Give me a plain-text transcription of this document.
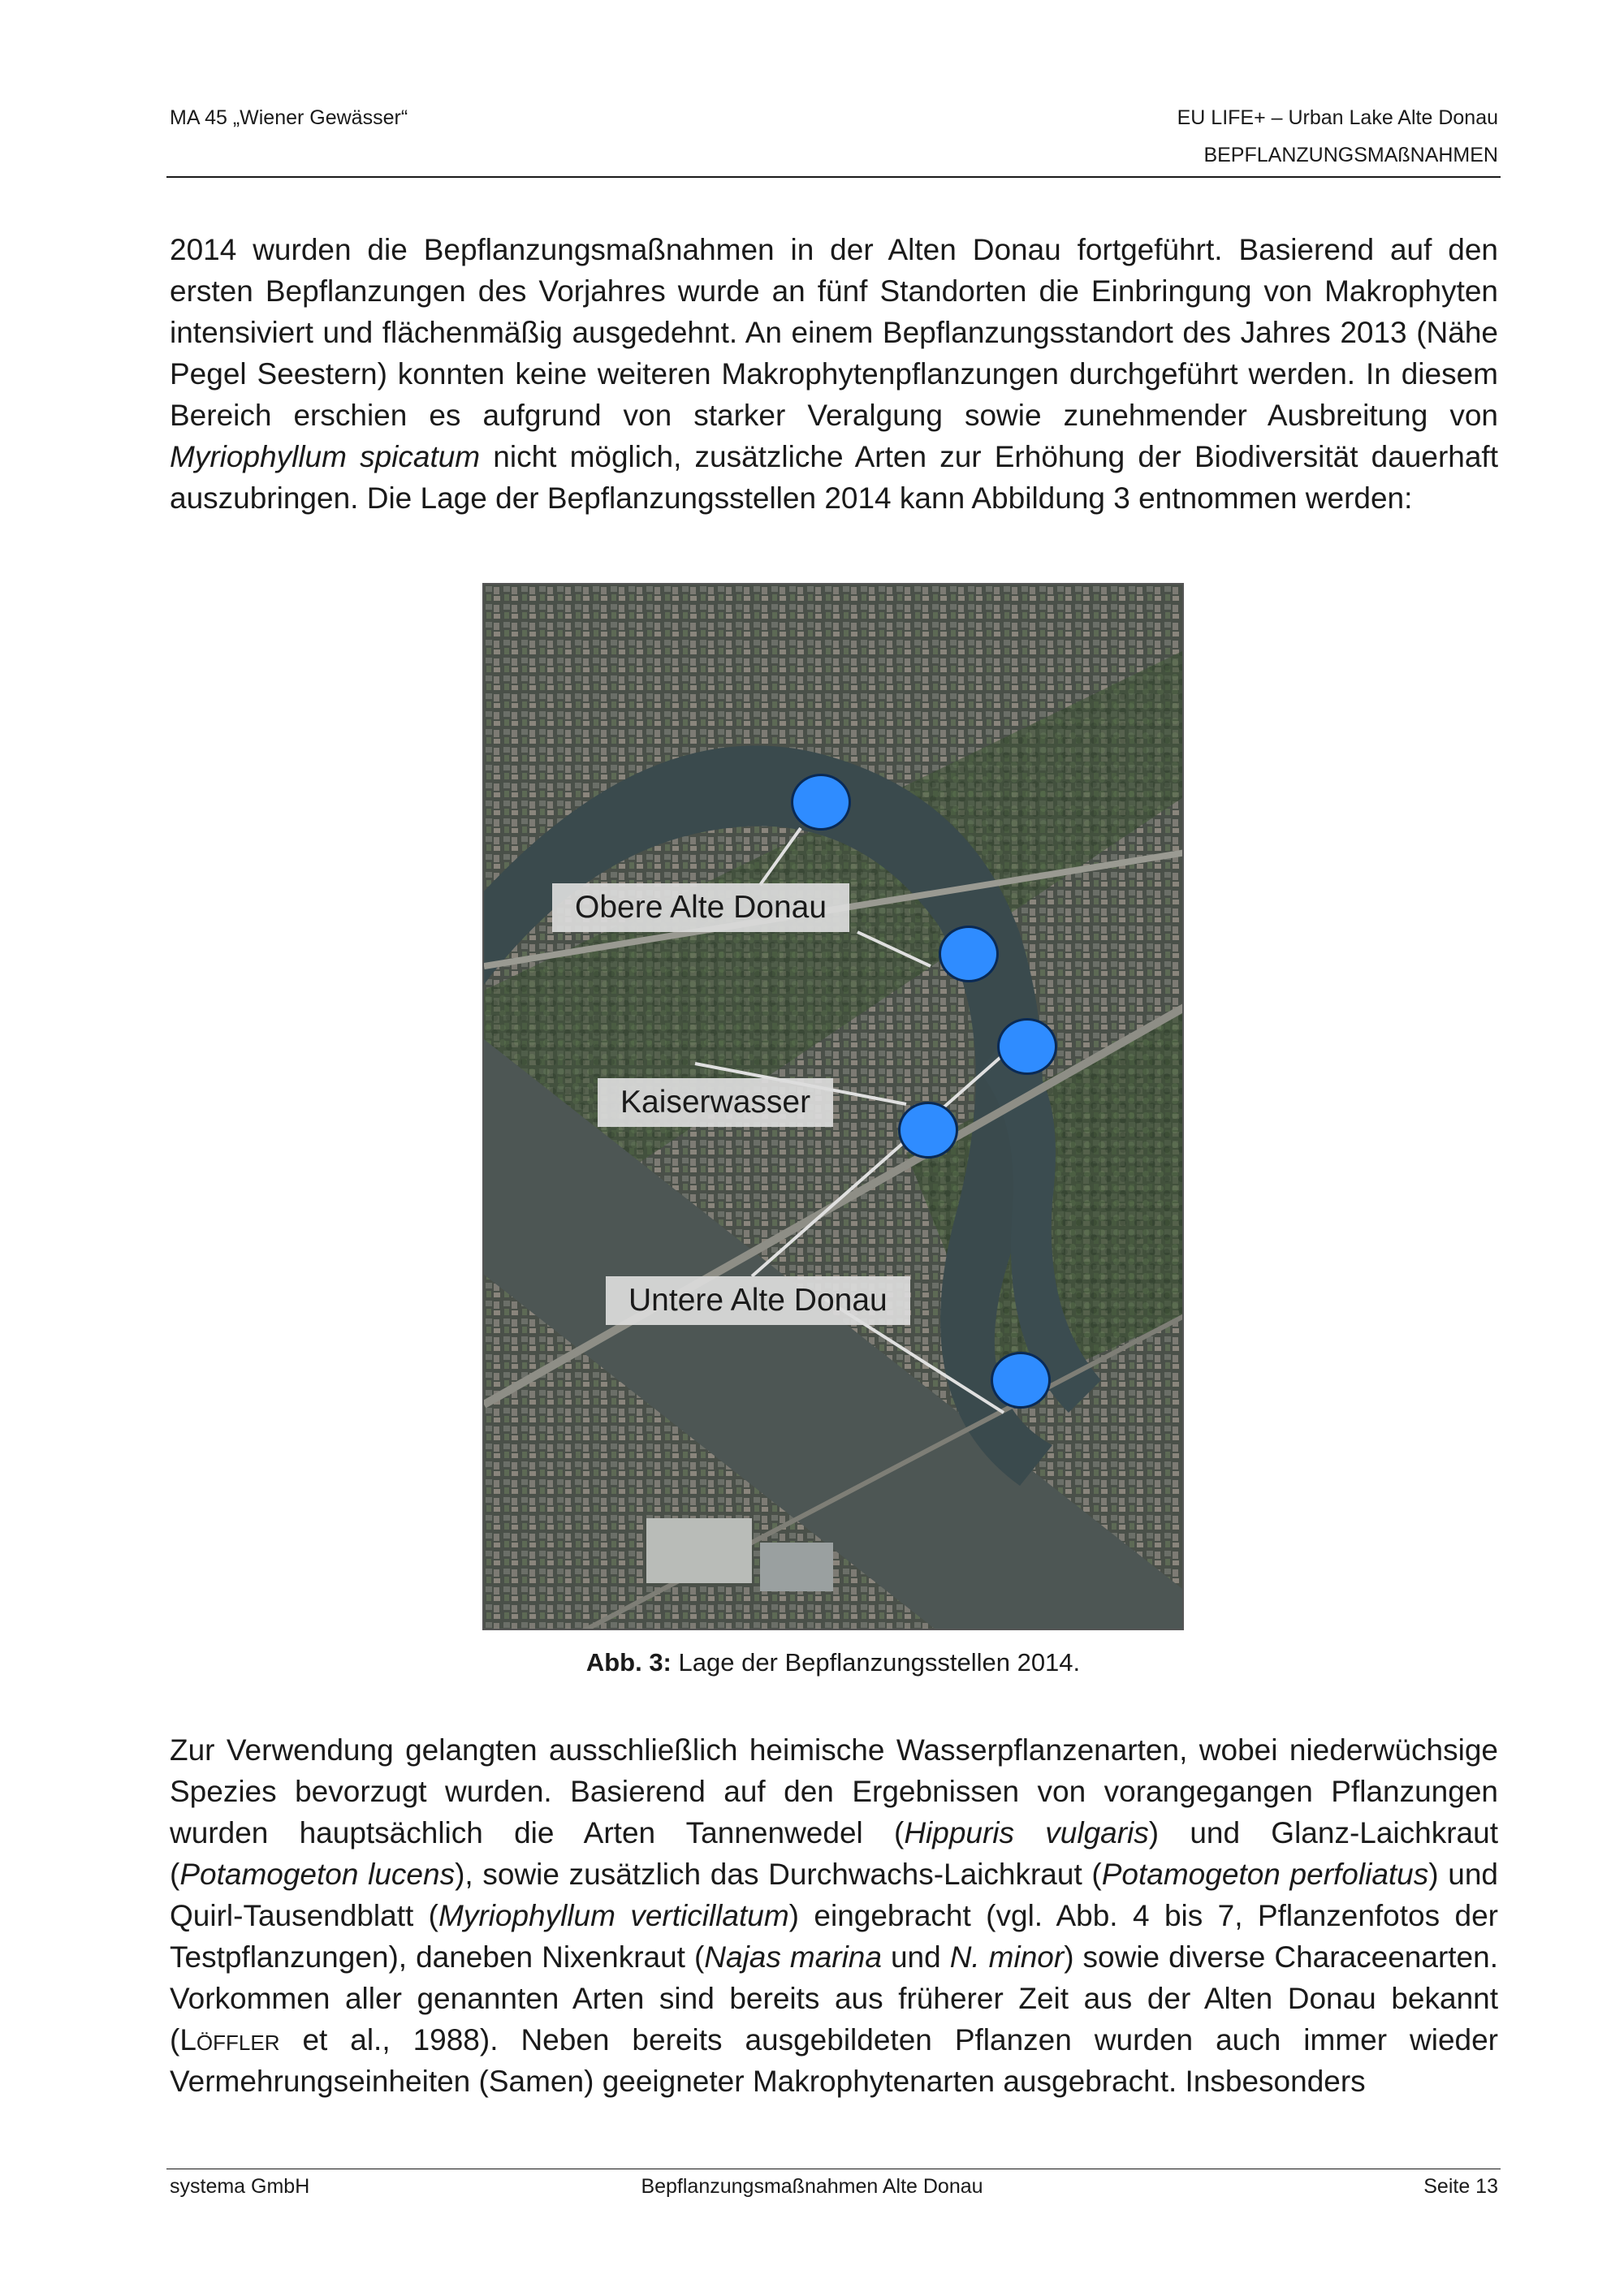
MA 45 „Wiener Gewässer“	EU LIFE+ – Urban Lake Alte Donau
BEPFLANZUNGSMAßNAHMEN

2014 wurden die Bepflanzungsmaßnahmen in der Alten Donau fortgeführt. Basierend auf den ersten Bepflanzungen des Vorjahres wurde an fünf Standorten die Einbringung von Makrophyten intensiviert und flächenmäßig ausgedehnt. An einem Bepflanzungsstandort des Jahres 2013 (Nähe Pegel Seestern) konnten keine weiteren Makrophytenpflanzungen durchgeführt werden. In diesem Bereich erschien es aufgrund von starker Veralgung sowie zunehmender Ausbreitung von Myriophyllum spicatum nicht möglich, zusätzliche Arten zur Erhöhung der Biodiversität dauerhaft auszubringen. Die Lage der Bepflanzungsstellen 2014 kann Abbildung 3 entnommen werden:

Obere Alte Donau
Kaiserwasser
Untere Alte Donau
Abb. 3: Lage der Bepflanzungsstellen 2014.

Zur Verwendung gelangten ausschließlich heimische Wasserpflanzenarten, wobei niederwüchsige Spezies bevorzugt wurden. Basierend auf den Ergebnissen von vorangegangen Pflanzungen wurden hauptsächlich die Arten Tannenwedel (Hippuris vulgaris) und Glanz-Laichkraut (Potamogeton lucens), sowie zusätzlich das Durchwachs-Laichkraut (Potamogeton perfoliatus) und Quirl-Tausendblatt (Myriophyllum verticillatum) eingebracht (vgl. Abb. 4 bis 7, Pflanzenfotos der Testpflanzungen), daneben Nixenkraut (Najas marina und N. minor) sowie diverse Characeenarten. Vorkommen aller genannten Arten sind bereits aus früherer Zeit aus der Alten Donau bekannt (Löffler et al., 1988). Neben bereits ausgebildeten Pflanzen wurden auch immer wieder Vermehrungseinheiten (Samen) geeigneter Makrophytenarten ausgebracht. Insbesonders

systema GmbH	Bepflanzungsmaßnahmen Alte Donau	Seite 13
